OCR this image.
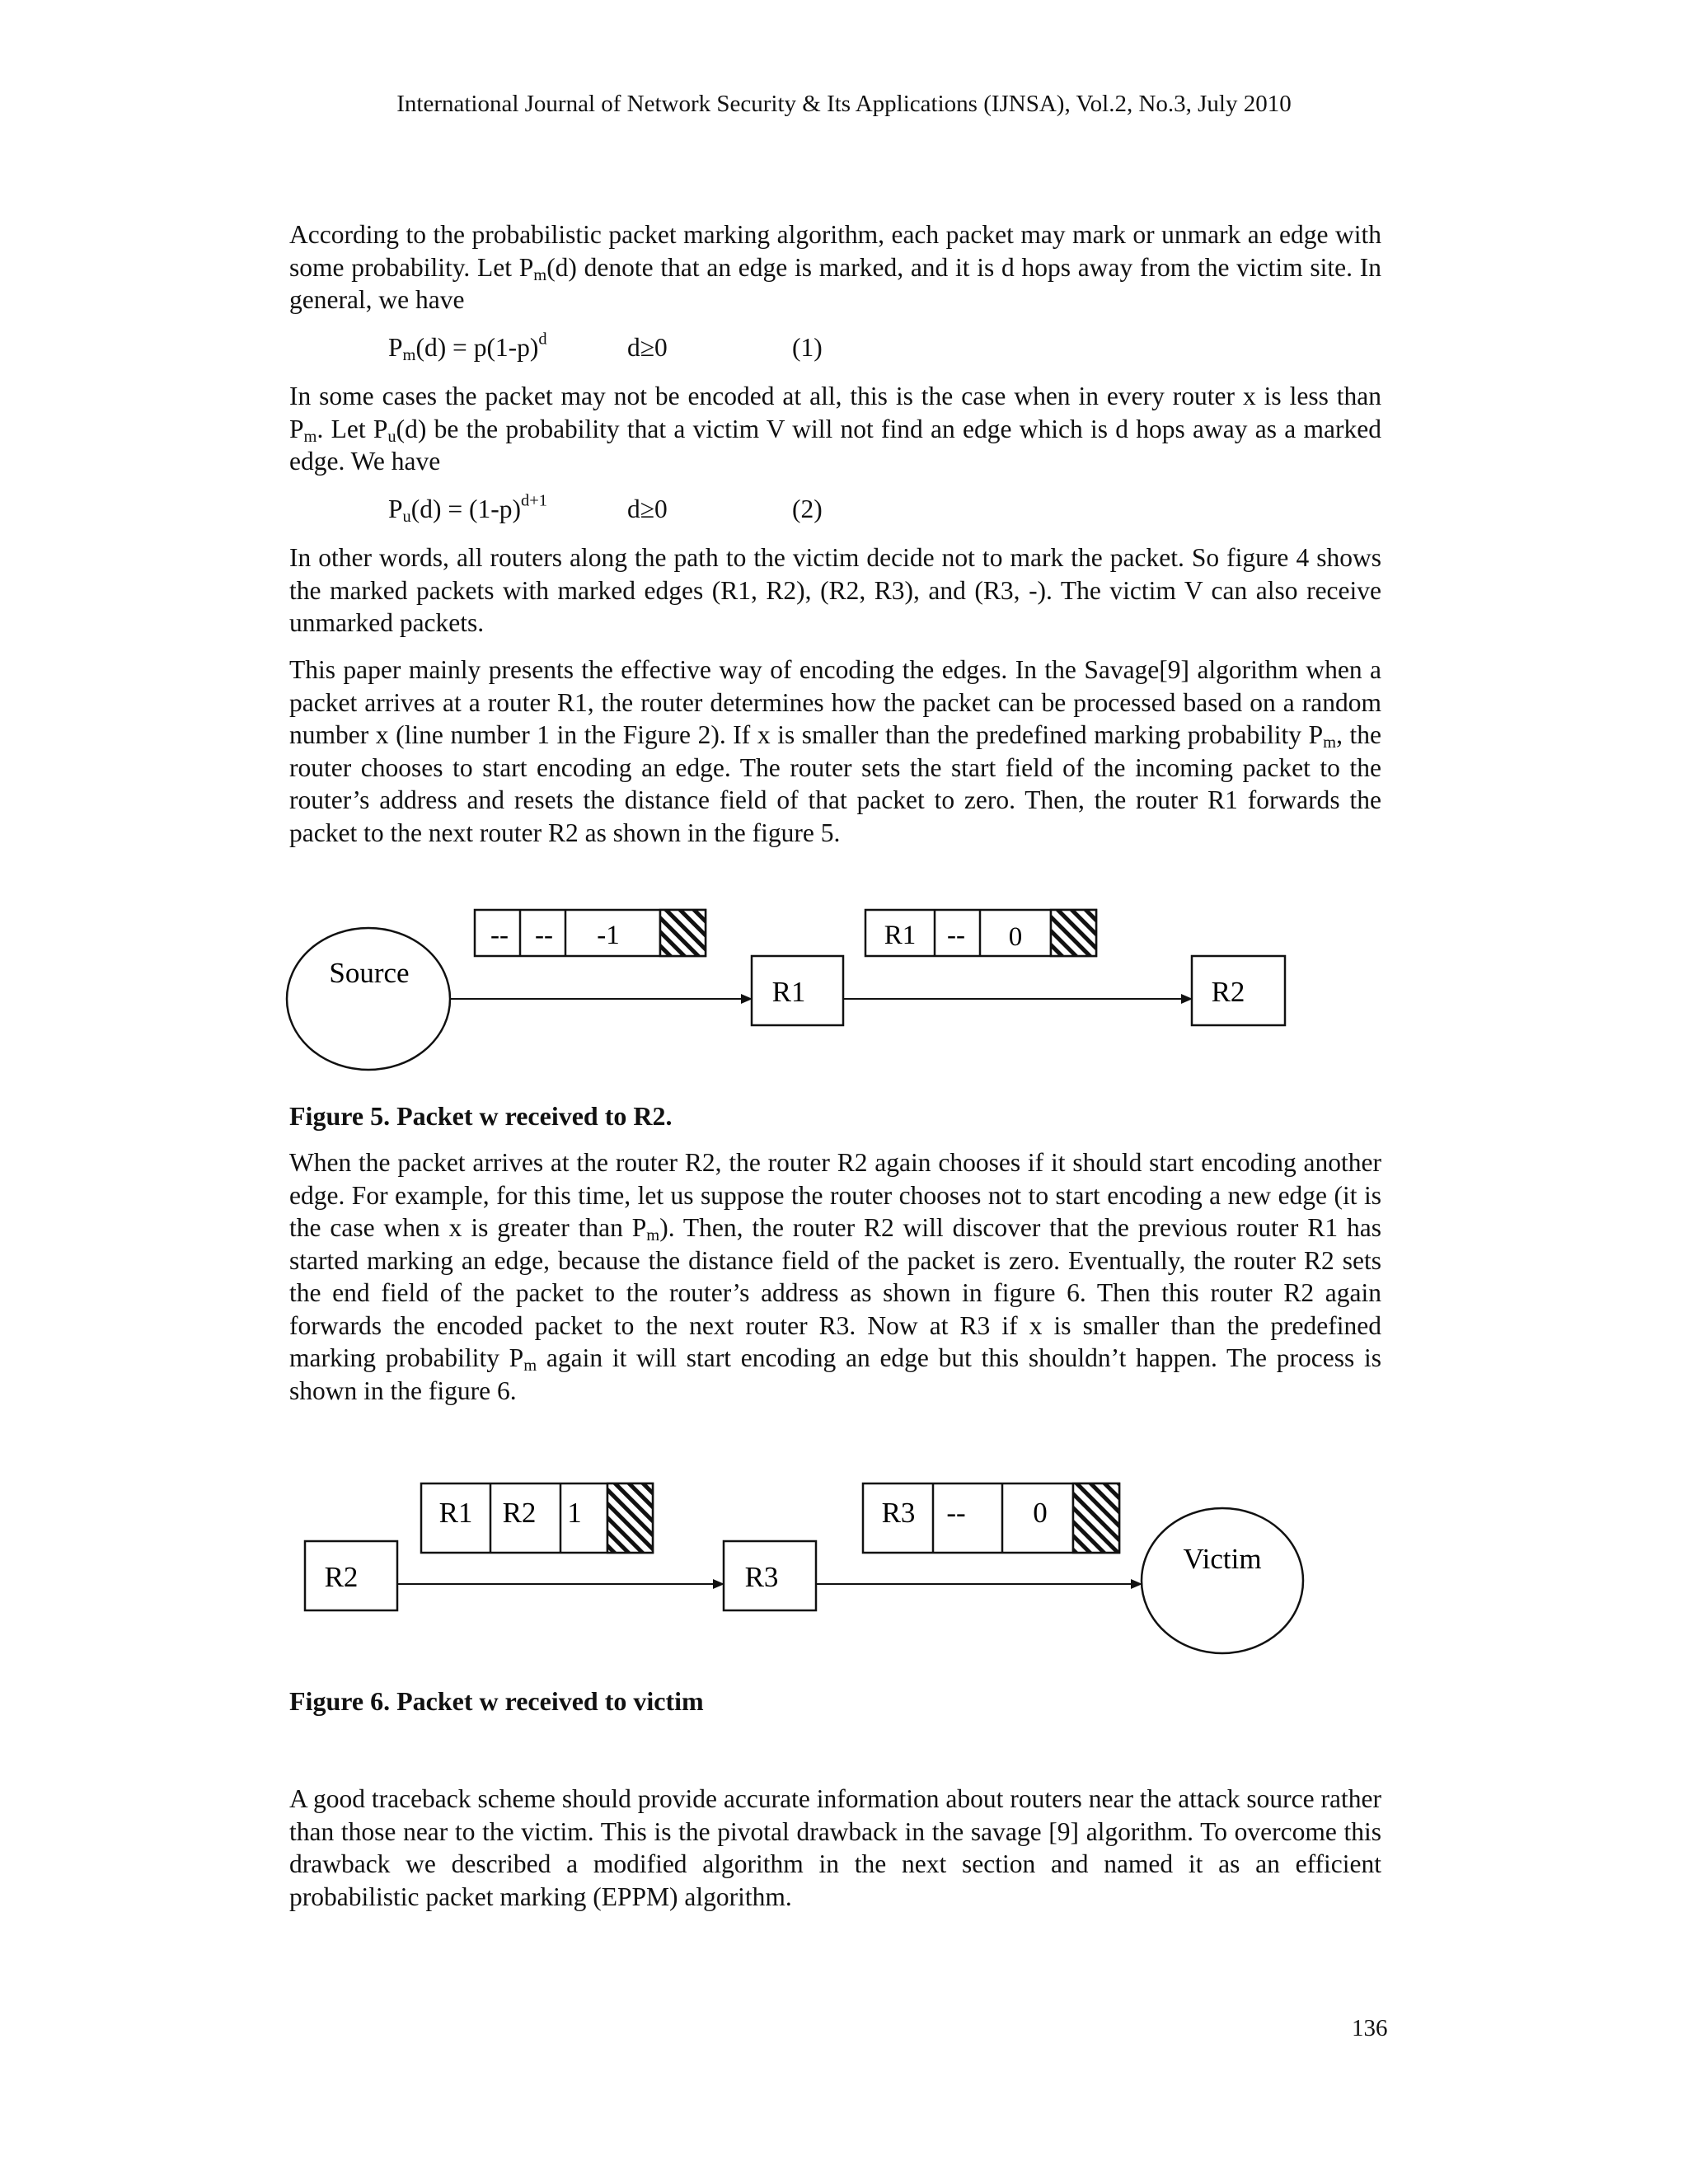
International Journal of Network Security & Its Applications (IJNSA), Vol.2, No.3, July 2010

According to the probabilistic packet marking algorithm, each packet may mark or unmark an edge with some probability. Let $P_m(d)$ denote that an edge is marked, and it is d hops away from the victim site. In general, we have

$P_m(d) = p(1-p)^d$	d≥0	(1)

In some cases the packet may not be encoded at all, this is the case when in every router x is less than $P_m$. Let $P_u(d)$ be the probability that a victim V will not find an edge which is d hops away as a marked edge. We have

$P_u(d) = (1-p)^{d+1}$	d≥0	(2)

In other words, all routers along the path to the victim decide not to mark the packet. So figure 4 shows the marked packets with marked edges (R1, R2), (R2, R3), and (R3, -). The victim V can also receive unmarked packets.

This paper mainly presents the effective way of encoding the edges. In the Savage[9] algorithm when a packet arrives at a router R1, the router determines how the packet can be processed based on a random number x (line number 1 in the Figure 2). If x is smaller than the predefined marking probability $P_m$, the router chooses to start encoding an edge. The router sets the start field of the incoming packet to the router’s address and resets the distance field of that packet to zero. Then, the router R1 forwards the packet to the next router R2 as shown in the figure 5.

Source
R1	R2
-- -- -1	R1 -- 0
Figure 5. Packet w received to R2.

When the packet arrives at the router R2, the router R2 again chooses if it should start encoding another edge. For example, for this time, let us suppose the router chooses not to start encoding a new edge (it is the case when x is greater than $P_m$). Then, the router R2 will discover that the previous router R1 has started marking an edge, because the distance field of the packet is zero. Eventually, the router R2 sets the end field of the packet to the router’s address as shown in figure 6. Then this router R2 again forwards the encoded packet to the next router R3. Now at R3 if x is smaller than the predefined marking probability $P_m$ again it will start encoding an edge but this shouldn’t happen. The process is shown in the figure 6.

R2	R3
Victim
R1 R2 1	R3 -- 0
Figure 6. Packet w received to victim

A good traceback scheme should provide accurate information about routers near the attack source rather than those near to the victim. This is the pivotal drawback in the savage [9] algorithm. To overcome this drawback we described a modified algorithm in the next section and named it as an efficient probabilistic packet marking (EPPM) algorithm.

136
